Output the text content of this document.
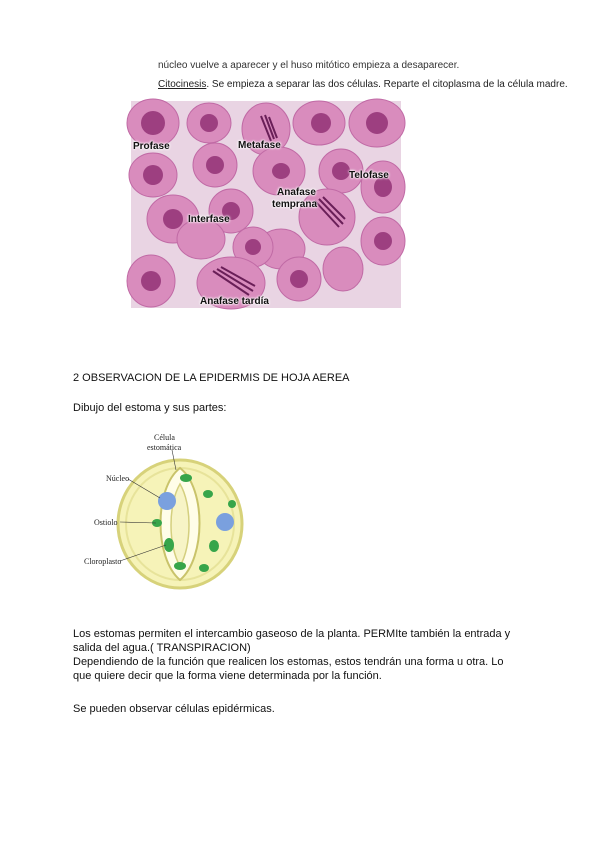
núcleo vuelve a aparecer y el huso mitótico empieza a desaparecer.
Citocinesis. Se empieza a separar las dos células. Reparte el citoplasma de la célula madre.
Profase	Metafase
Telofase
Anafase
temprana
Interfase
Anafase tardía
2 OBSERVACION DE LA EPIDERMIS DE HOJA AEREA
Dibujo del estoma y sus partes:
Célula
estomática
Núcleo
Ostiolo
Cloroplasto
Los estomas permiten el intercambio gaseoso de la planta. PERMIte también la entrada y
salida del agua.( TRANSPIRACION)
Dependiendo de la función que realicen los estomas, estos tendrán una forma u otra. Lo
que quiere decir que la forma viene determinada por la función.
Se pueden observar células epidérmicas.
